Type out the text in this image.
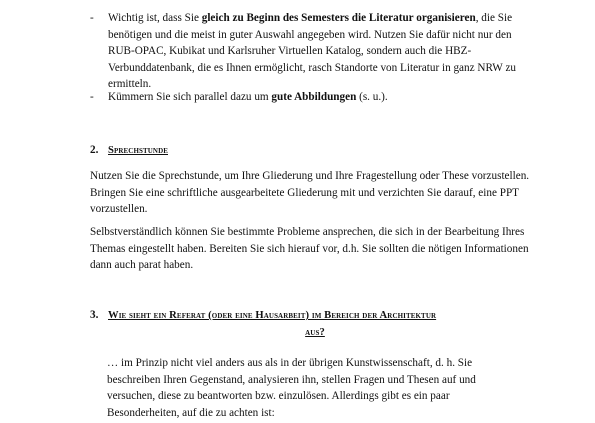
-	Wichtig ist, dass Sie gleich zu Beginn des Semesters die Literatur organisieren, die Sie benötigen und die meist in guter Auswahl angegeben wird. Nutzen Sie dafür nicht nur den RUB-OPAC, Kubikat und Karlsruher Virtuellen Katalog, sondern auch die HBZ-Verbunddatenbank, die es Ihnen ermöglicht, rasch Standorte von Literatur in ganz NRW zu ermitteln.
-	Kümmern Sie sich parallel dazu um gute Abbildungen (s. u.).
2. Sprechstunde
Nutzen Sie die Sprechstunde, um Ihre Gliederung und Ihre Fragestellung oder These vorzustellen. Bringen Sie eine schriftliche ausgearbeitete Gliederung mit und verzichten Sie darauf, eine PPT vorzustellen.
Selbstverständlich können Sie bestimmte Probleme ansprechen, die sich in der Bearbeitung Ihres Themas eingestellt haben. Bereiten Sie sich hierauf vor, d.h. Sie sollten die nötigen Informationen dann auch parat haben.
3. Wie sieht ein Referat (oder eine Hausarbeit) im Bereich der Architektur
aus?
… im Prinzip nicht viel anders aus als in der übrigen Kunstwissenschaft, d. h. Sie beschreiben Ihren Gegenstand, analysieren ihn, stellen Fragen und Thesen auf und versuchen, diese zu beantworten bzw. einzulösen. Allerdings gibt es ein paar Besonderheiten, auf die zu achten ist:
